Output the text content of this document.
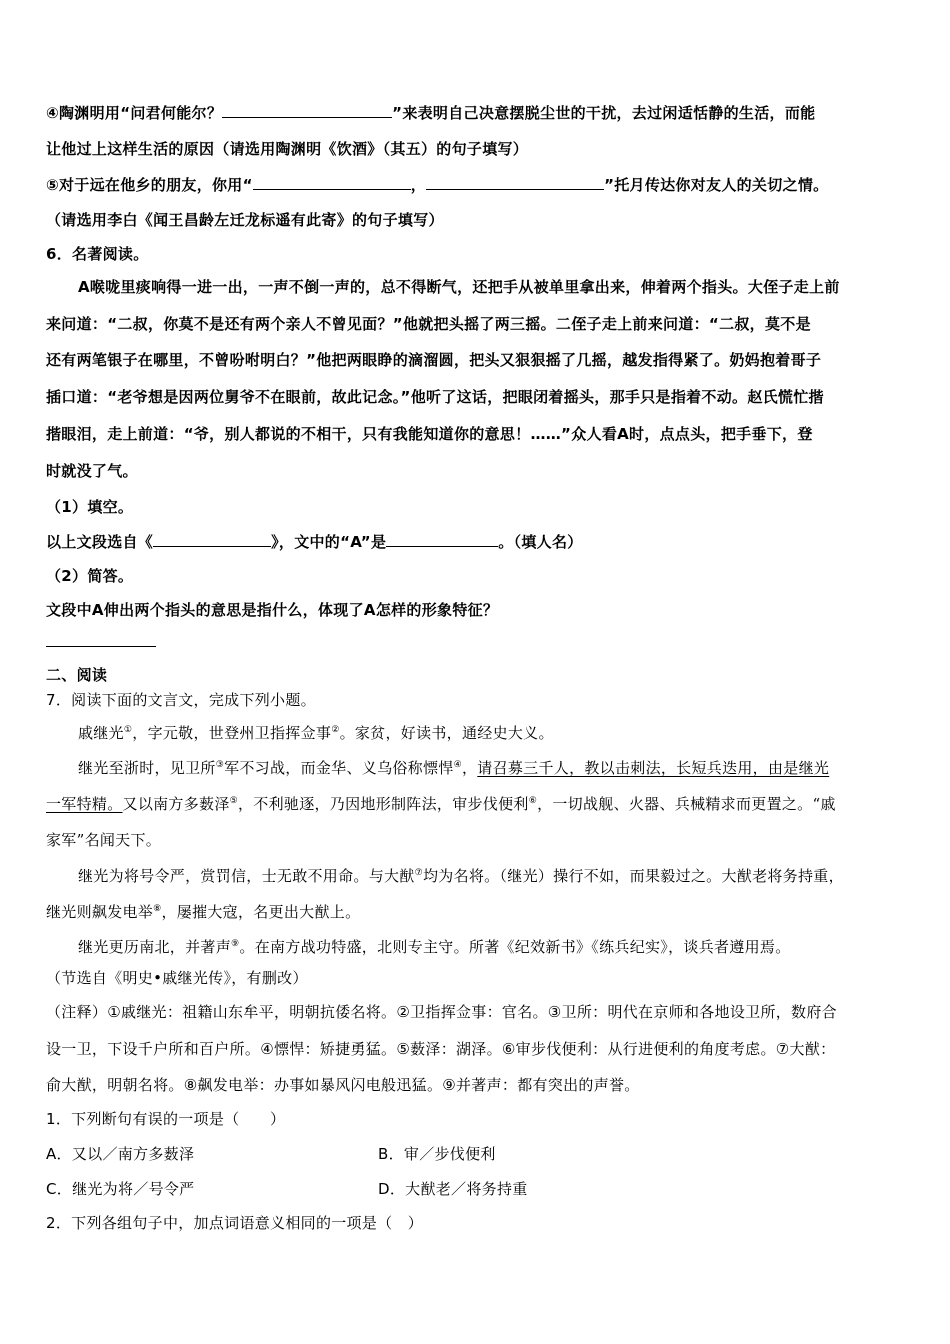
④陶渊明用“问君何能尔？	”来表明自己决意摆脱尘世的干扰，去过闲适恬静的生活，而能
让他过上这样生活的原因（请选用陶渊明《饮酒》（其五）的句子填写）
⑤对于远在他乡的朋友，你用“	，	”托月传达你对友人的关切之情。
（请选用李白《闻王昌龄左迁龙标遥有此寄》的句子填写）
6．名著阅读。
A喉咙里痰响得一进一出，一声不倒一声的，总不得断气，还把手从被单里拿出来，伸着两个指头。大侄子走上前
来问道：“二叔，你莫不是还有两个亲人不曾见面？”他就把头摇了两三摇。二侄子走上前来问道：“二叔，莫不是
还有两笔银子在哪里，不曾吩咐明白？”他把两眼睁的滴溜圆，把头又狠狠摇了几摇，越发指得紧了。奶妈抱着哥子
插口道：“老爷想是因两位舅爷不在眼前，故此记念。”他听了这话，把眼闭着摇头，那手只是指着不动。赵氏慌忙揩
揩眼泪，走上前道：“爷，别人都说的不相干，只有我能知道你的意思！……”众人看A时，点点头，把手垂下，登
时就没了气。
（1）填空。
以上文段选自《	》，文中的“A”是	。（填人名）
（2）简答。
文段中A伸出两个指头的意思是指什么，体现了A怎样的形象特征？
二、阅读
7．阅读下面的文言文，完成下列小题。
戚继光①，字元敬，世登州卫指挥佥事②。家贫，好读书，通经史大义。
继光至浙时，见卫所③军不习战，而金华、义乌俗称慓悍④，请召募三千人，教以击刺法，长短兵迭用，由是继光
一军特精。又以南方多薮泽⑤，不利驰逐，乃因地形制阵法，审步伐便利⑥，一切战舰、火器、兵械精求而更置之。“戚
家军”名闻天下。
继光为将号令严，赏罚信，士无敢不用命。与大猷⑦均为名将。（继光）操行不如，而果毅过之。大猷老将务持重，
继光则飙发电举⑧，屡摧大寇，名更出大猷上。
继光更历南北，并著声⑨。在南方战功特盛，北则专主守。所著《纪效新书》《练兵纪实》，谈兵者遵用焉。
（节选自《明史•戚继光传》，有删改）
（注释）①戚继光：祖籍山东牟平，明朝抗倭名将。②卫指挥佥事：官名。③卫所：明代在京师和各地设卫所，数府合
设一卫，下设千户所和百户所。④慓悍：矫捷勇猛。⑤薮泽：湖泽。⑥审步伐便利：从行进便利的角度考虑。⑦大猷：
俞大猷，明朝名将。⑧飙发电举：办事如暴风闪电般迅猛。⑨并著声：都有突出的声誉。
1．下列断句有误的一项是（　　）
A．又以／南方多薮泽	B．审／步伐便利
C．继光为将／号令严	D．大猷老／将务持重
2．下列各组句子中，加点词语意义相同的一项是（　）
